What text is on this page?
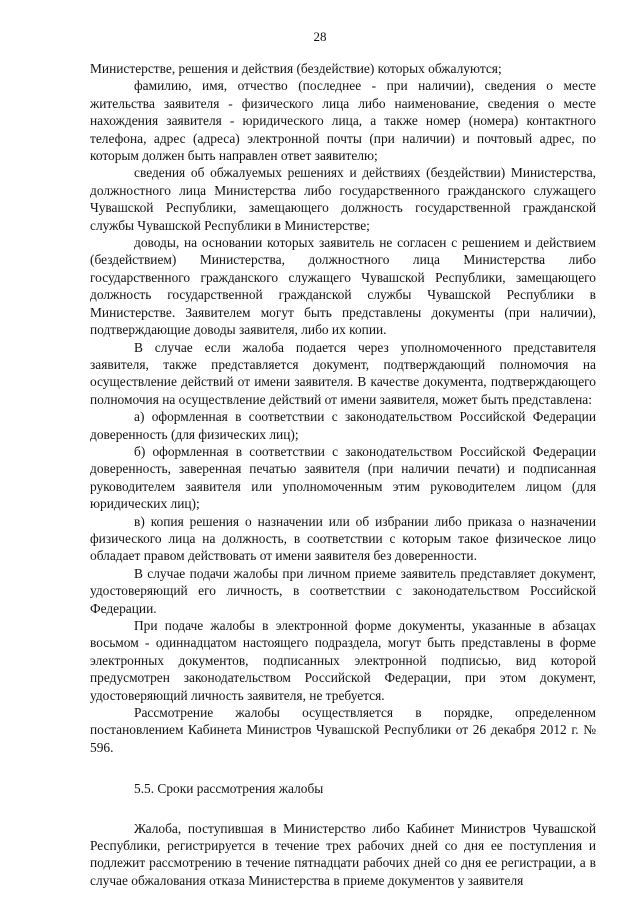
28

Министерстве, решения и действия (бездействие) которых обжалуются;

фамилию, имя, отчество (последнее - при наличии), сведения о месте жительства заявителя - физического лица либо наименование, сведения о месте нахождения заявителя - юридического лица, а также номер (номера) контактного телефона, адрес (адреса) электронной почты (при наличии) и почтовый адрес, по которым должен быть направлен ответ заявителю;

сведения об обжалуемых решениях и действиях (бездействии) Министерства, должностного лица Министерства либо государственного гражданского служащего Чувашской Республики, замещающего должность государственной гражданской службы Чувашской Республики в Министерстве;

доводы, на основании которых заявитель не согласен с решением и действием (бездействием) Министерства, должностного лица Министерства либо государственного гражданского служащего Чувашской Республики, замещающего должность государственной гражданской службы Чувашской Республики в Министерстве. Заявителем могут быть представлены документы (при наличии), подтверждающие доводы заявителя, либо их копии.

В случае если жалоба подается через уполномоченного представителя заявителя, также представляется документ, подтверждающий полномочия на осуществление действий от имени заявителя. В качестве документа, подтверждающего полномочия на осуществление действий от имени заявителя, может быть представлена:

а) оформленная в соответствии с законодательством Российской Федерации доверенность (для физических лиц);

б) оформленная в соответствии с законодательством Российской Федерации доверенность, заверенная печатью заявителя (при наличии печати) и подписанная руководителем заявителя или уполномоченным этим руководителем лицом (для юридических лиц);

в) копия решения о назначении или об избрании либо приказа о назначении физического лица на должность, в соответствии с которым такое физическое лицо обладает правом действовать от имени заявителя без доверенности.

В случае подачи жалобы при личном приеме заявитель представляет документ, удостоверяющий его личность, в соответствии с законодательством Российской Федерации.

При подаче жалобы в электронной форме документы, указанные в абзацах восьмом - одиннадцатом настоящего подраздела, могут быть представлены в форме электронных документов, подписанных электронной подписью, вид которой предусмотрен законодательством Российской Федерации, при этом документ, удостоверяющий личность заявителя, не требуется.

Рассмотрение жалобы осуществляется в порядке, определенном постановлением Кабинета Министров Чувашской Республики от 26 декабря 2012 г. № 596.

5.5. Сроки рассмотрения жалобы

Жалоба, поступившая в Министерство либо Кабинет Министров Чувашской Республики, регистрируется в течение трех рабочих дней со дня ее поступления и подлежит рассмотрению в течение пятнадцати рабочих дней со дня ее регистрации, а в случае обжалования отказа Министерства в приеме документов у заявителя
